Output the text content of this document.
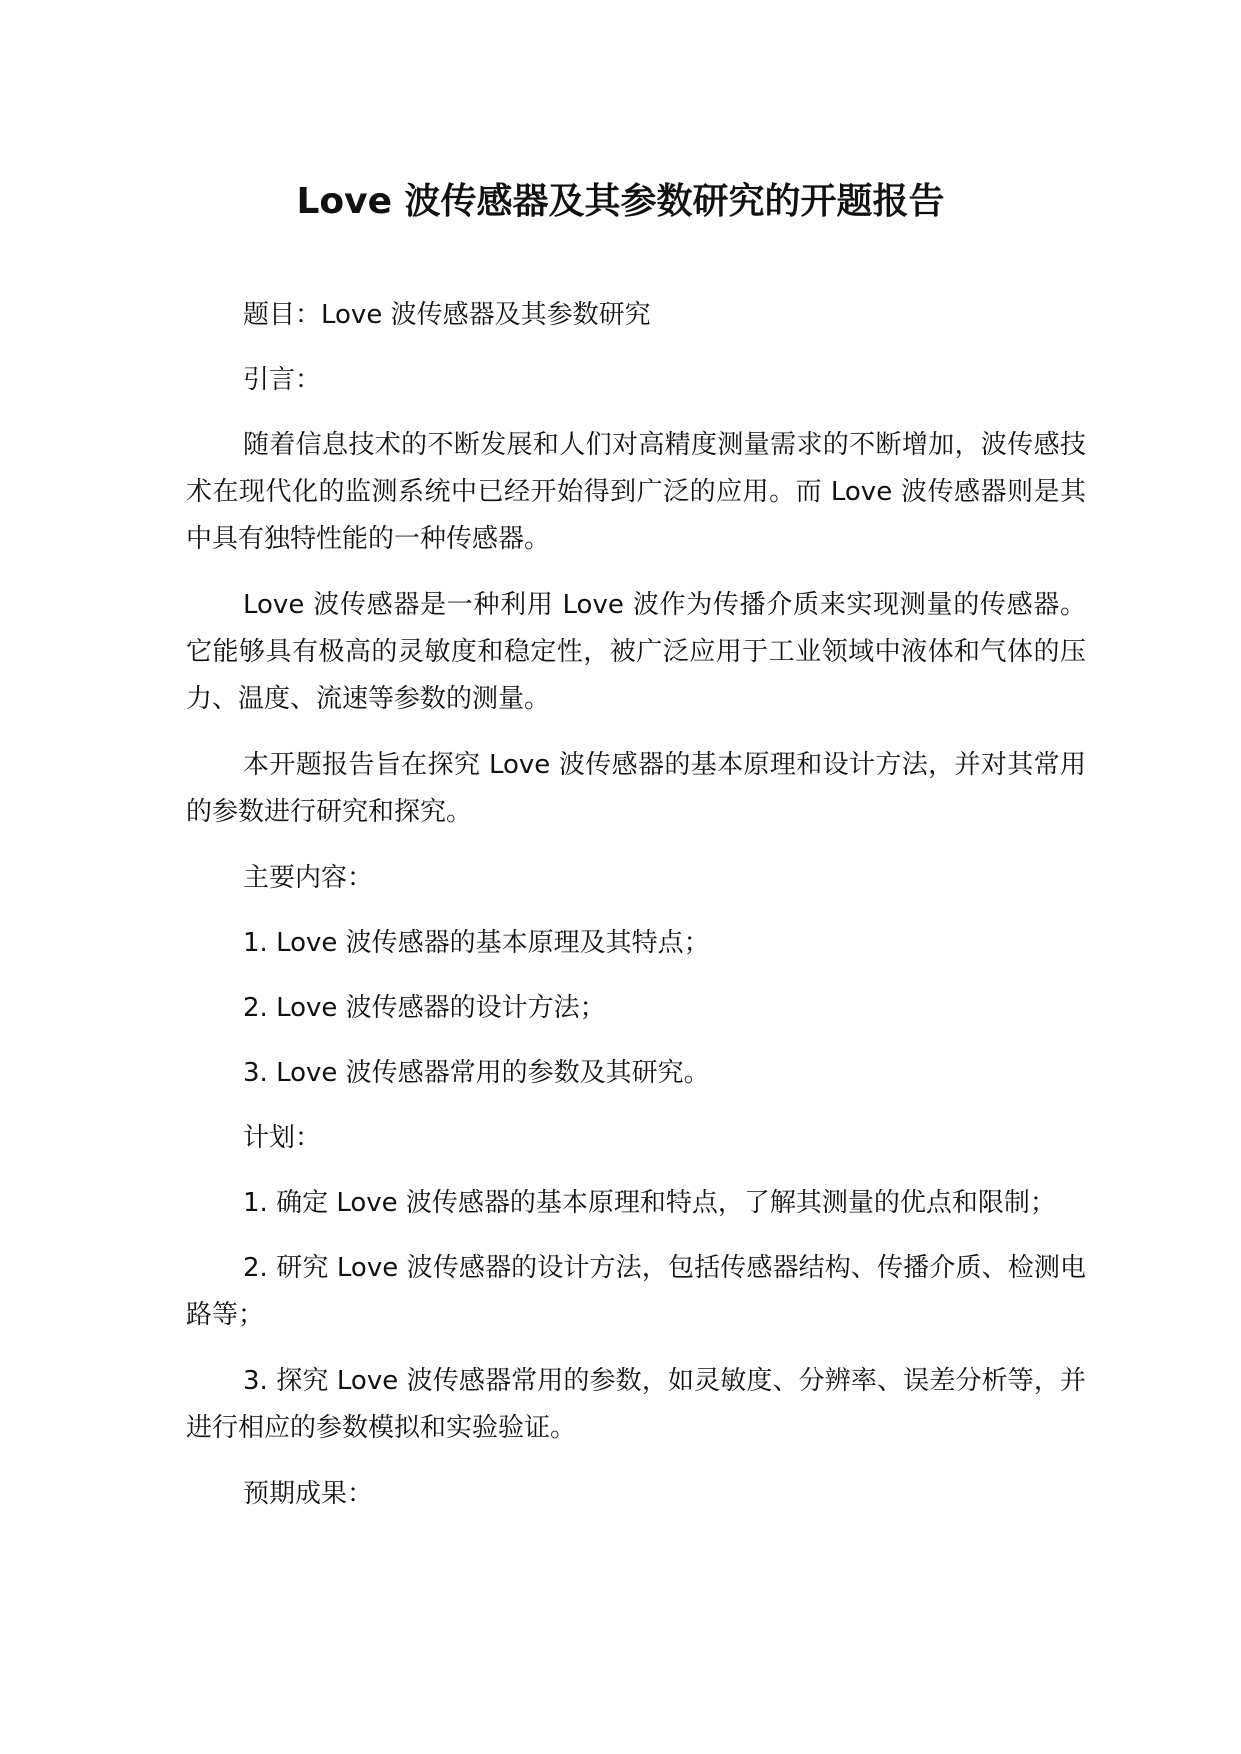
Love 波传感器及其参数研究的开题报告

题目：Love 波传感器及其参数研究

引言：

随着信息技术的不断发展和人们对高精度测量需求的不断增加，波传感技术在现代化的监测系统中已经开始得到广泛的应用。而 Love 波传感器则是其中具有独特性能的一种传感器。

Love 波传感器是一种利用 Love 波作为传播介质来实现测量的传感器。它能够具有极高的灵敏度和稳定性，被广泛应用于工业领域中液体和气体的压力、温度、流速等参数的测量。

本开题报告旨在探究 Love 波传感器的基本原理和设计方法，并对其常用的参数进行研究和探究。

主要内容：

1. Love 波传感器的基本原理及其特点；

2. Love 波传感器的设计方法；

3. Love 波传感器常用的参数及其研究。

计划：

1. 确定 Love 波传感器的基本原理和特点，了解其测量的优点和限制；

2. 研究 Love 波传感器的设计方法，包括传感器结构、传播介质、检测电路等；

3. 探究 Love 波传感器常用的参数，如灵敏度、分辨率、误差分析等，并进行相应的参数模拟和实验验证。

预期成果：
